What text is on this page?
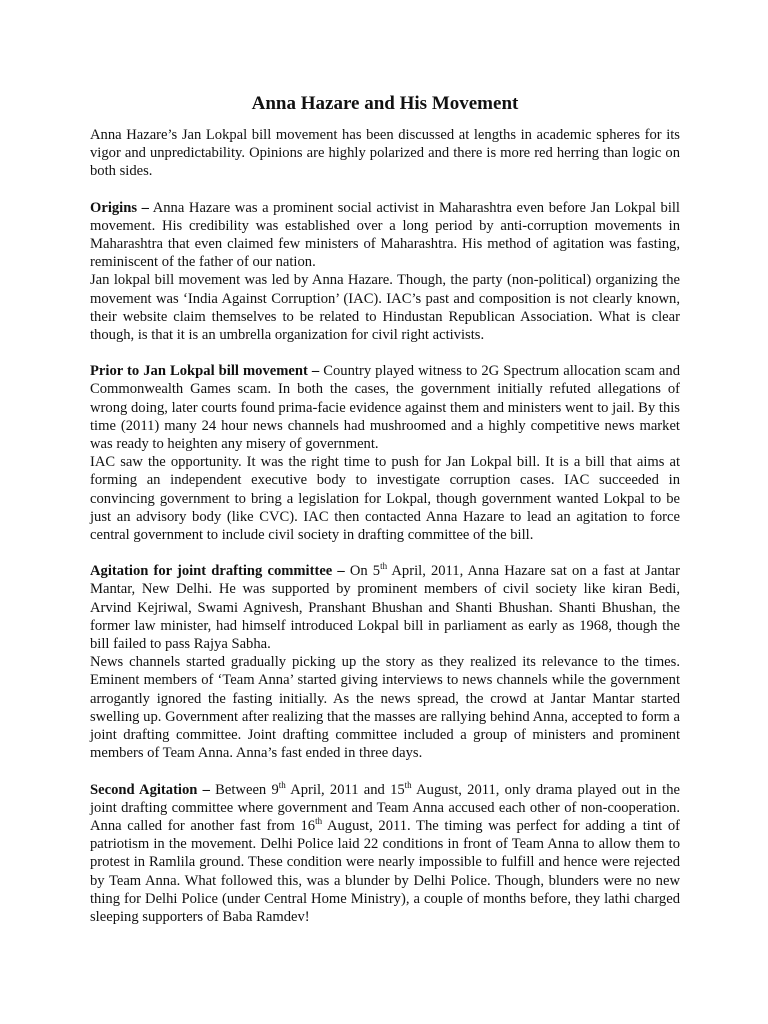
Anna Hazare and His Movement

Anna Hazare’s Jan Lokpal bill movement has been discussed at lengths in academic spheres for its vigor and unpredictability. Opinions are highly polarized and there is more red herring than logic on both sides.

Origins – Anna Hazare was a prominent social activist in Maharashtra even before Jan Lokpal bill movement. His credibility was established over a long period by anti-corruption movements in Maharashtra that even claimed few ministers of Maharashtra. His method of agitation was fasting, reminiscent of the father of our nation.

Jan lokpal bill movement was led by Anna Hazare. Though, the party (non-political) organizing the movement was ‘India Against Corruption’ (IAC). IAC’s past and composition is not clearly known, their website claim themselves to be related to Hindustan Republican Association. What is clear though, is that it is an umbrella organization for civil right activists.

Prior to Jan Lokpal bill movement – Country played witness to 2G Spectrum allocation scam and Commonwealth Games scam. In both the cases, the government initially refuted allegations of wrong doing, later courts found prima-facie evidence against them and ministers went to jail. By this time (2011) many 24 hour news channels had mushroomed and a highly competitive news market was ready to heighten any misery of government.

IAC saw the opportunity. It was the right time to push for Jan Lokpal bill. It is a bill that aims at forming an independent executive body to investigate corruption cases. IAC succeeded in convincing government to bring a legislation for Lokpal, though government wanted Lokpal to be just an advisory body (like CVC). IAC then contacted Anna Hazare to lead an agitation to force central government to include civil society in drafting committee of the bill.

Agitation for joint drafting committee – On 5th April, 2011, Anna Hazare sat on a fast at Jantar Mantar, New Delhi. He was supported by prominent members of civil society like kiran Bedi, Arvind Kejriwal, Swami Agnivesh, Pranshant Bhushan and Shanti Bhushan. Shanti Bhushan, the former law minister, had himself introduced Lokpal bill in parliament as early as 1968, though the bill failed to pass Rajya Sabha.

News channels started gradually picking up the story as they realized its relevance to the times. Eminent members of ‘Team Anna’ started giving interviews to news channels while the government arrogantly ignored the fasting initially. As the news spread, the crowd at Jantar Mantar started swelling up. Government after realizing that the masses are rallying behind Anna, accepted to form a joint drafting committee. Joint drafting committee included a group of ministers and prominent members of Team Anna. Anna’s fast ended in three days.

Second Agitation – Between 9th April, 2011 and 15th August, 2011, only drama played out in the joint drafting committee where government and Team Anna accused each other of non-cooperation. Anna called for another fast from 16th August, 2011. The timing was perfect for adding a tint of patriotism in the movement. Delhi Police laid 22 conditions in front of Team Anna to allow them to protest in Ramlila ground. These condition were nearly impossible to fulfill and hence were rejected by Team Anna. What followed this, was a blunder by Delhi Police. Though, blunders were no new thing for Delhi Police (under Central Home Ministry), a couple of months before, they lathi charged sleeping supporters of Baba Ramdev!
